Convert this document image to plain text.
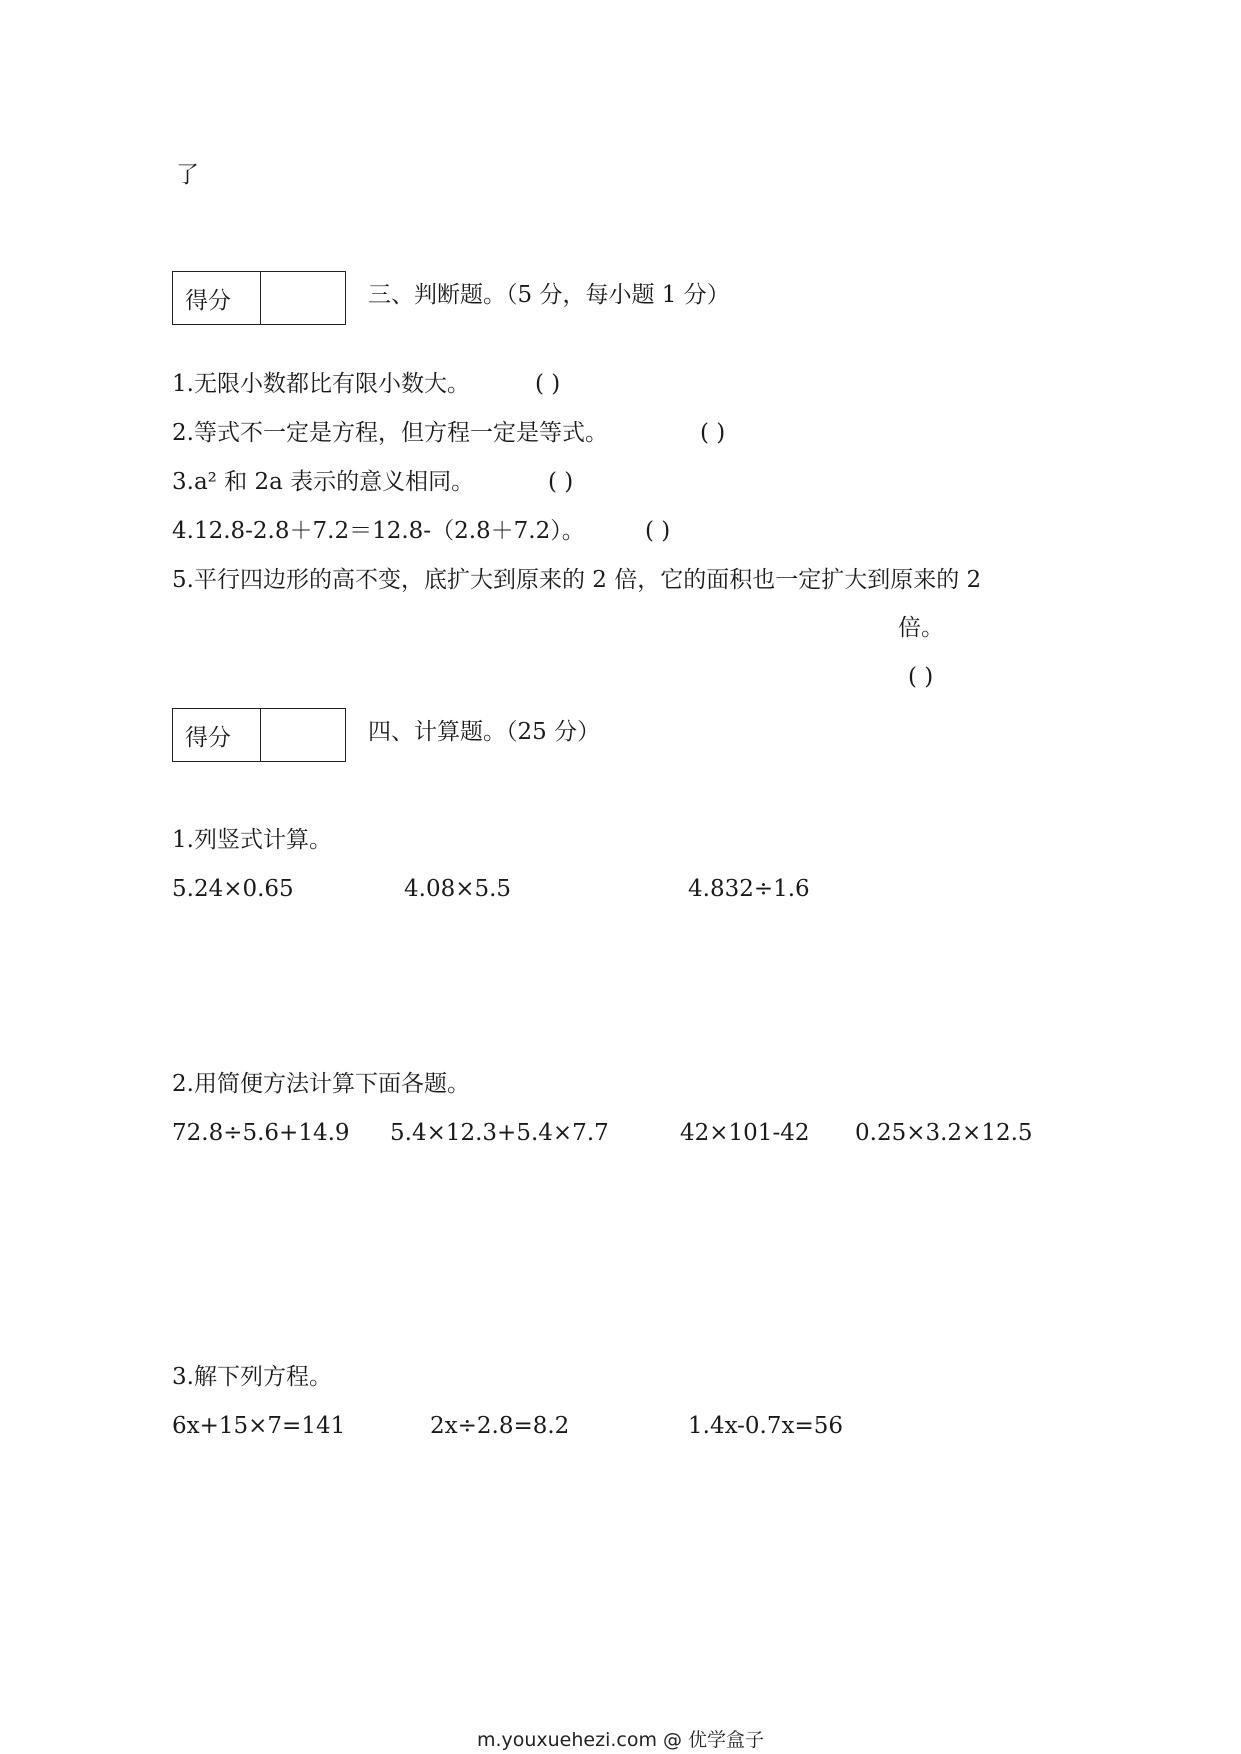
了
得分	三、判断题。（5 分，每小题 1 分）
1.无限小数都比有限小数大。	( )
2.等式不一定是方程，但方程一定是等式。	( )
3.a² 和 2a 表示的意义相同。	( )
4.12.8-2.8＋7.2＝12.8-（2.8＋7.2）。	( )
5.平行四边形的高不变，底扩大到原来的 2 倍，它的面积也一定扩大到原来的 2
倍。
( )
得分	四、计算题。（25 分）
1.列竖式计算。
5.24×0.65	4.08×5.5	4.832÷1.6
2.用简便方法计算下面各题。
72.8÷5.6+14.9 5.4×12.3+5.4×7.7	42×101-42 0.25×3.2×12.5
3.解下列方程。
6x+15×7=141	2x÷2.8=8.2	1.4x-0.7x=56
m.youxuehezi.com @ 优学盒子
